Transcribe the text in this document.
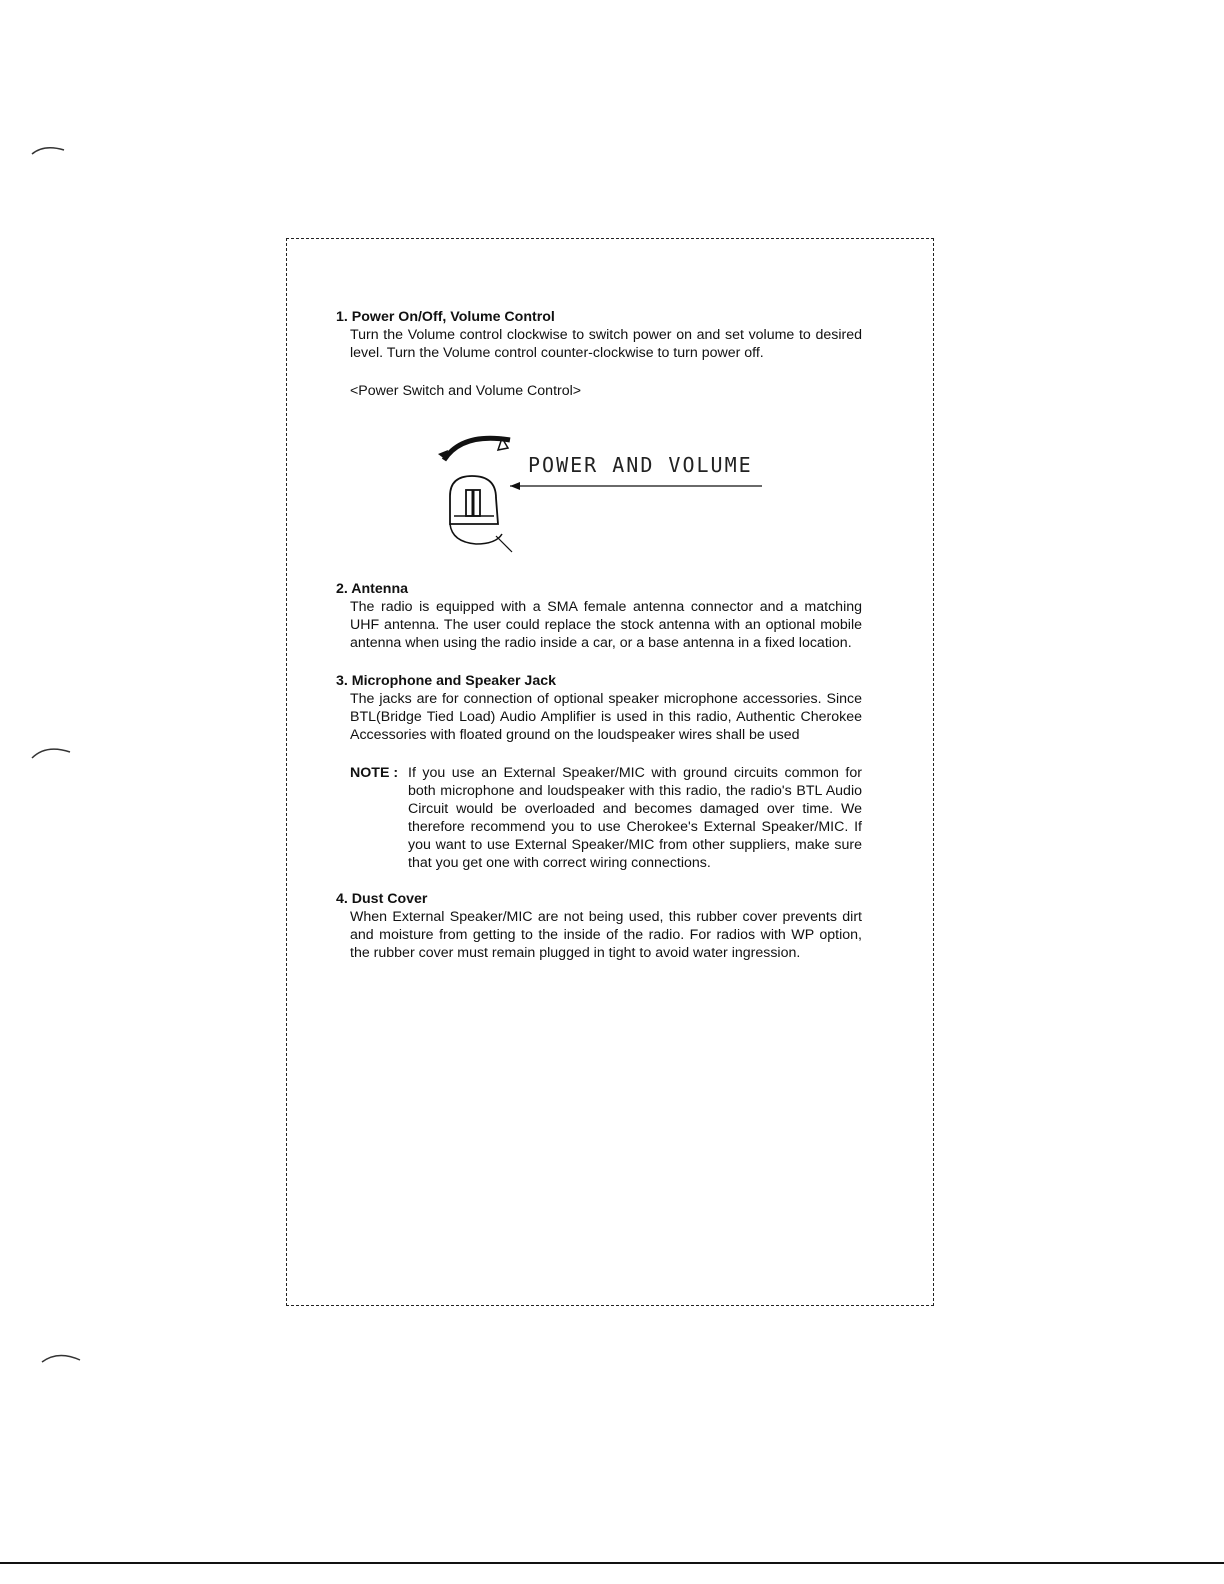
1. Power On/Off, Volume Control

Turn the Volume control clockwise to switch power on and set volume to desired level. Turn the Volume control counter-clockwise to turn power off.

<Power Switch and Volume Control>

POWER AND VOLUME

2. Antenna

The radio is equipped with a SMA female antenna connector and a matching UHF antenna. The user could replace the stock antenna with an optional mobile antenna when using the radio inside a car, or a base antenna in a fixed location.

3. Microphone and Speaker Jack

The jacks are for connection of optional speaker microphone accessories. Since BTL(Bridge Tied Load) Audio Amplifier is used in this radio, Authentic Cherokee Accessories with floated ground on the loudspeaker wires shall be used

NOTE : If you use an External Speaker/MIC with ground circuits common for both microphone and loudspeaker with this radio, the radio's BTL Audio Circuit would be overloaded and becomes damaged over time. We therefore recommend you to use Cherokee's External Speaker/MIC. If you want to use External Speaker/MIC from other suppliers, make sure that you get one with correct wiring connections.

4. Dust Cover

When External Speaker/MIC are not being used, this rubber cover prevents dirt and moisture from getting to the inside of the radio. For radios with WP option, the rubber cover must remain plugged in tight to avoid water ingression.
